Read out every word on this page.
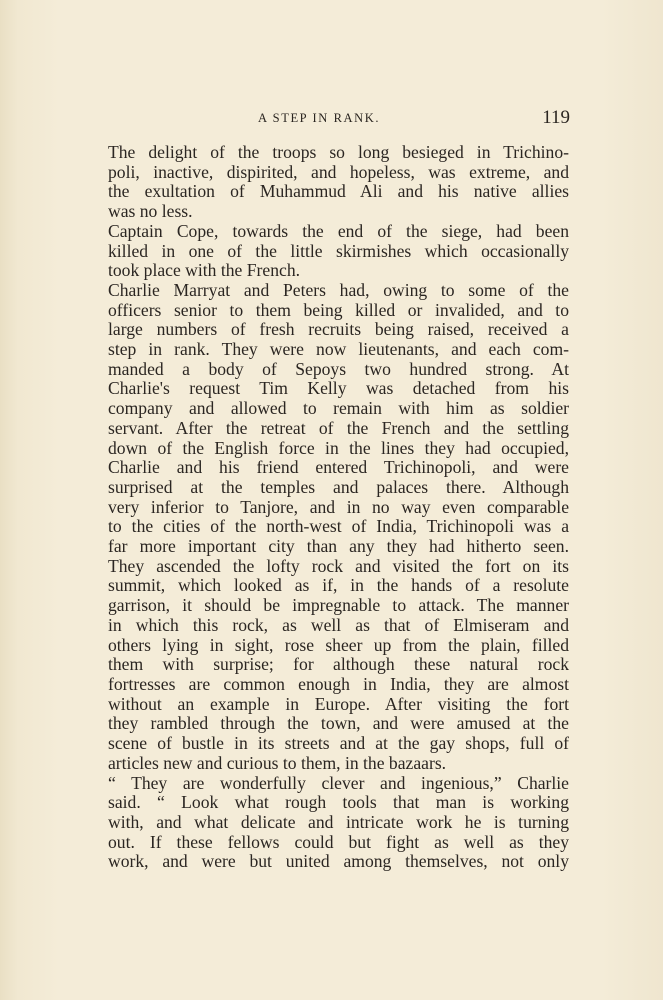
A STEP IN RANK.	119

The delight of the troops so long besieged in Trichino-

poli, inactive, dispirited, and hopeless, was extreme, and

the exultation of Muhammud Ali and his native allies

was no less.

Captain Cope, towards the end of the siege, had been

killed in one of the little skirmishes which occasionally

took place with the French.

Charlie Marryat and Peters had, owing to some of the

officers senior to them being killed or invalided, and to

large numbers of fresh recruits being raised, received a

step in rank. They were now lieutenants, and each com-

manded a body of Sepoys two hundred strong. At

Charlie's request Tim Kelly was detached from his

company and allowed to remain with him as soldier

servant. After the retreat of the French and the settling

down of the English force in the lines they had occupied,

Charlie and his friend entered Trichinopoli, and were

surprised at the temples and palaces there. Although

very inferior to Tanjore, and in no way even comparable

to the cities of the north-west of India, Trichinopoli was a

far more important city than any they had hitherto seen.

They ascended the lofty rock and visited the fort on its

summit, which looked as if, in the hands of a resolute

garrison, it should be impregnable to attack. The manner

in which this rock, as well as that of Elmiseram and

others lying in sight, rose sheer up from the plain, filled

them with surprise; for although these natural rock

fortresses are common enough in India, they are almost

without an example in Europe. After visiting the fort

they rambled through the town, and were amused at the

scene of bustle in its streets and at the gay shops, full of

articles new and curious to them, in the bazaars.

“ They are wonderfully clever and ingenious,” Charlie

said. “ Look what rough tools that man is working

with, and what delicate and intricate work he is turning

out. If these fellows could but fight as well as they

work, and were but united among themselves, not only
